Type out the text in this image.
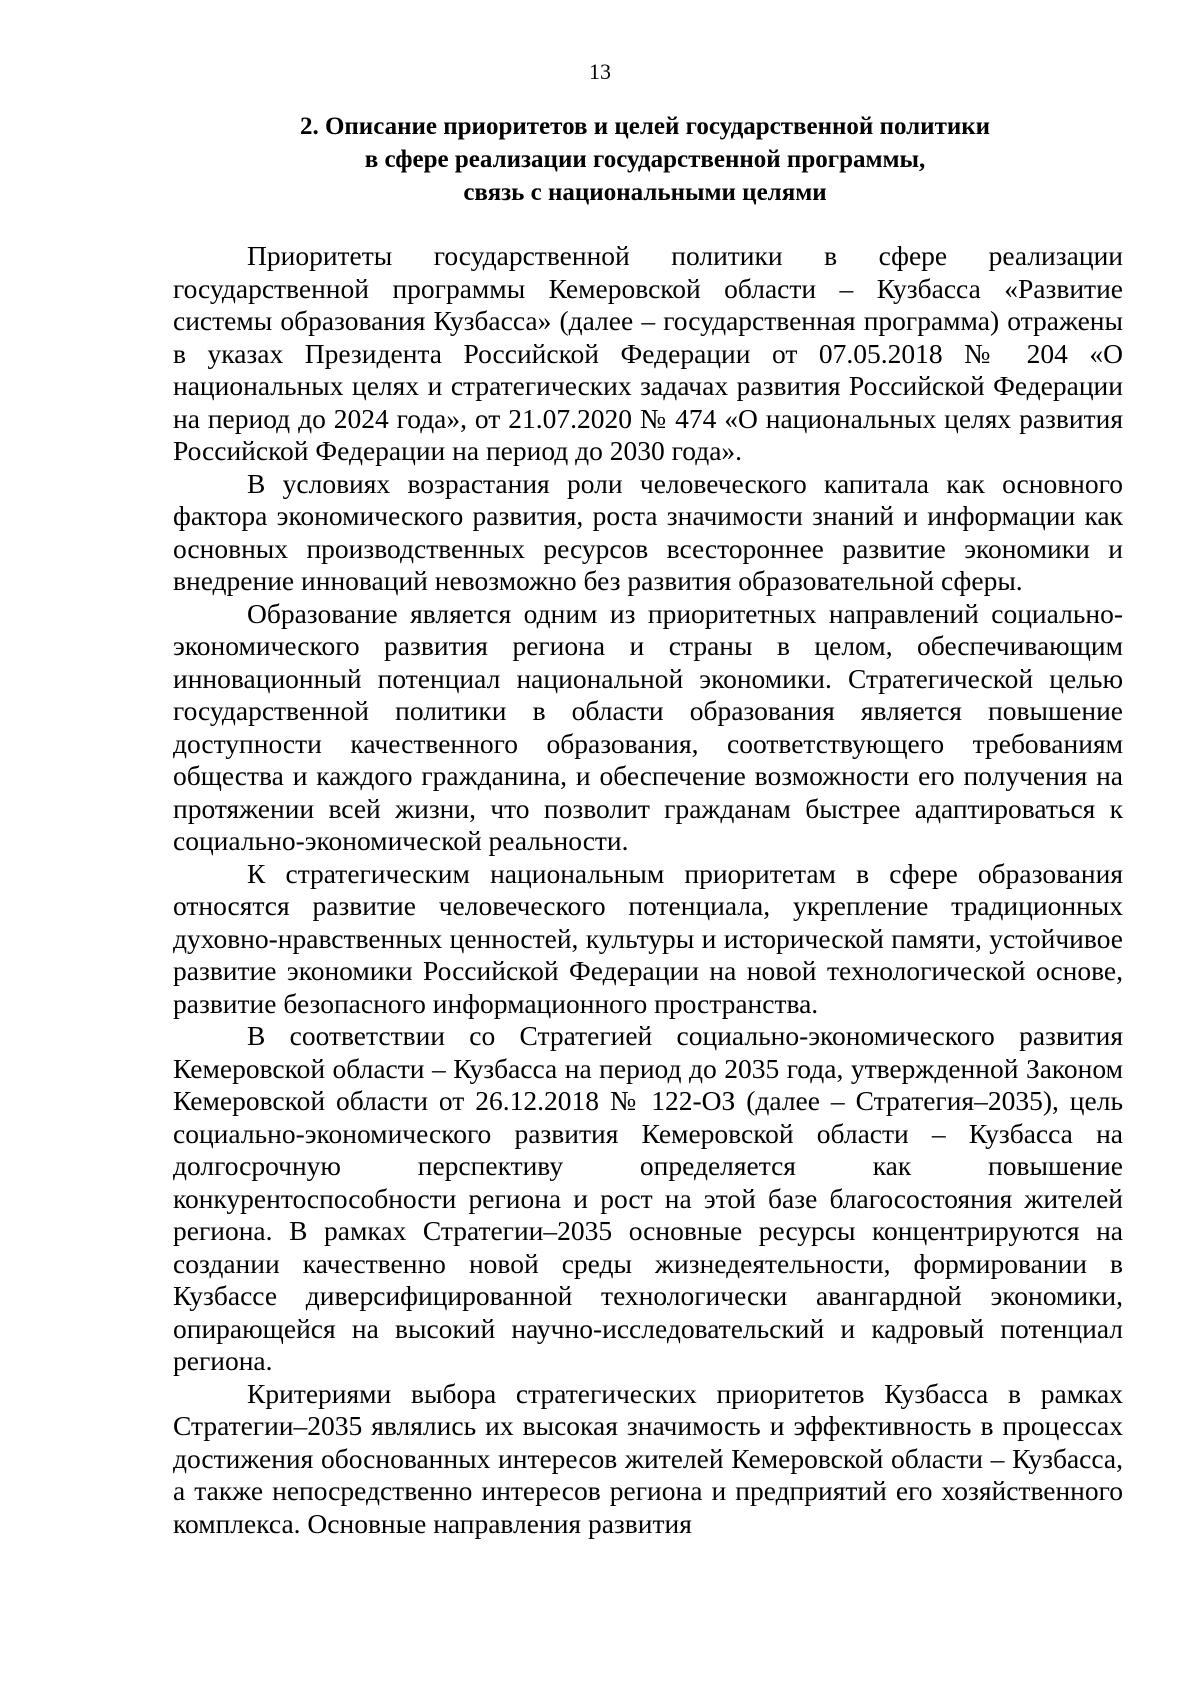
13
2. Описание приоритетов и целей государственной политики
в сфере реализации государственной программы,
связь с национальными целями

Приоритеты государственной политики в сфере реализации государственной программы Кемеровской области – Кузбасса «Развитие системы образования Кузбасса» (далее – государственная программа) отражены в указах Президента Российской Федерации от 07.05.2018 № 204 «О национальных целях и стратегических задачах развития Российской Федерации на период до 2024 года», от 21.07.2020 № 474 «О национальных целях развития Российской Федерации на период до 2030 года».

В условиях возрастания роли человеческого капитала как основного фактора экономического развития, роста значимости знаний и информации как основных производственных ресурсов всестороннее развитие экономики и внедрение инноваций невозможно без развития образовательной сферы.

Образование является одним из приоритетных направлений социально-экономического развития региона и страны в целом, обеспечивающим инновационный потенциал национальной экономики. Стратегической целью государственной политики в области образования является повышение доступности качественного образования, соответствующего требованиям общества и каждого гражданина, и обеспечение возможности его получения на протяжении всей жизни, что позволит гражданам быстрее адаптироваться к социально-экономической реальности.

К стратегическим национальным приоритетам в сфере образования относятся развитие человеческого потенциала, укрепление традиционных духовно-нравственных ценностей, культуры и исторической памяти, устойчивое развитие экономики Российской Федерации на новой технологической основе, развитие безопасного информационного пространства.

В соответствии со Стратегией социально-экономического развития Кемеровской области – Кузбасса на период до 2035 года, утвержденной Законом Кемеровской области от 26.12.2018 № 122-ОЗ (далее – Стратегия–2035), цель социально-экономического развития Кемеровской области – Кузбасса на долгосрочную перспективу определяется как повышение конкурентоспособности региона и рост на этой базе благосостояния жителей региона. В рамках Стратегии–2035 основные ресурсы концентрируются на создании качественно новой среды жизнедеятельности, формировании в Кузбассе диверсифицированной технологически авангардной экономики, опирающейся на высокий научно-исследовательский и кадровый потенциал региона.

Критериями выбора стратегических приоритетов Кузбасса в рамках Стратегии–2035 являлись их высокая значимость и эффективность в процессах достижения обоснованных интересов жителей Кемеровской области – Кузбасса, а также непосредственно интересов региона и предприятий его хозяйственного комплекса. Основные направления развития
